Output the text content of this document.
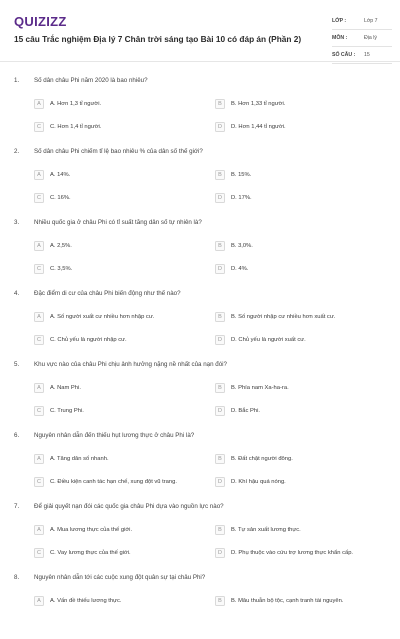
QUIZIZZ
15 câu Trắc nghiệm Địa lý 7 Chân trời sáng tạo Bài 10 có đáp án (Phần 2)
LỚP :	Lớp 7
MÔN :	Địa lý
SỐ CÂU :	15
1. Số dân châu Phi năm 2020 là bao nhiêu?
A	A. Hơn 1,3 tỉ người.	B	B. Hơn 1,33 tỉ người.
C	C. Hơn 1,4 tỉ người.	D	D. Hơn 1,44 tỉ người.
2. Số dân châu Phi chiếm tỉ lệ bao nhiêu % của dân số thế giới?
A	A. 14%.	B	B. 15%.
C	C. 16%.	D	D. 17%.
3. Nhiều quốc gia ở châu Phi có tỉ suất tăng dân số tự nhiên là?
A	A. 2,5%.	B	B. 3,0%.
C	C. 3,5%.	D	D. 4%.
4. Đặc điểm di cư của châu Phi biến động như thế nào?
A	A. Số người xuất cư nhiều hơn nhập cư.	B	B. Số người nhập cư nhiều hơn xuất cư.
C	C. Chủ yếu là người nhập cư.	D	D. Chủ yếu là người xuất cư.
5. Khu vực nào của châu Phi chịu ảnh hưởng nặng nề nhất của nạn đói?
A	A. Nam Phi.	B	B. Phía nam Xa-ha-ra.
C	C. Trung Phi.	D	D. Bắc Phi.
6. Nguyên nhân dẫn đến thiếu hụt lương thực ở châu Phi là?
A	A. Tăng dân số nhanh.	B	B. Đất chật người đông.
C	C. Điều kiện canh tác hạn chế, xung đột vũ trang.	D	D. Khí hậu quá nóng.
7. Để giải quyết nạn đói các quốc gia châu Phi dựa vào nguồn lực nào?
A	A. Mua lương thực của thế giới.	B	B. Tự sản xuất lương thực.
C	C. Vay lương thực của thế giới.	D	D. Phụ thuộc vào cứu trợ lương thực khẩn cấp.
8. Nguyên nhân dẫn tới các cuộc xung đột quân sự tại châu Phi?
A	A. Vấn đề thiếu lương thực.	B	B. Mâu thuẫn bộ tộc, cạnh tranh tài nguyên.
